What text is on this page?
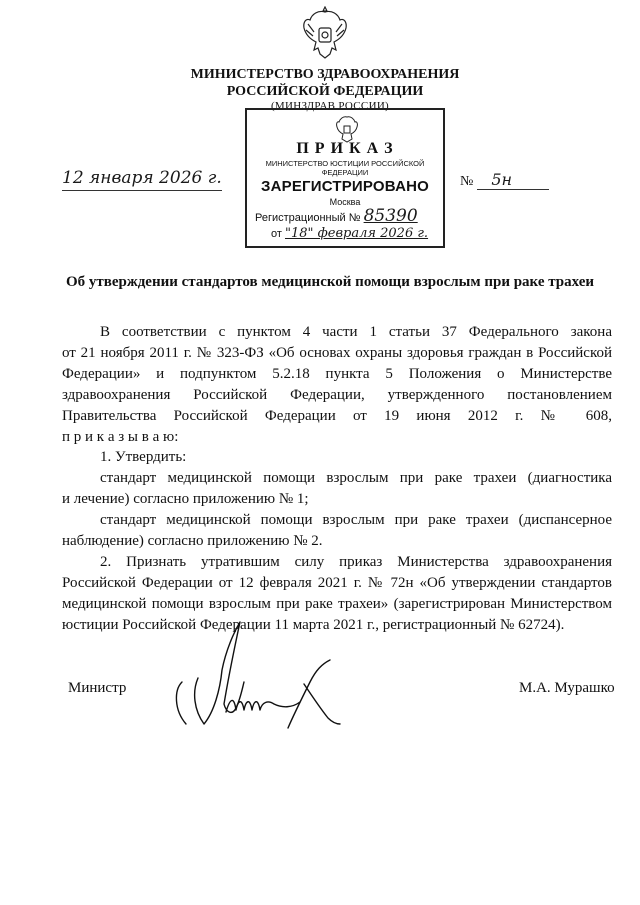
МИНИСТЕРСТВО ЗДРАВООХРАНЕНИЯ
РОССИЙСКОЙ ФЕДЕРАЦИИ
(МИНЗДРАВ РОССИИ)
П Р И К А З
МИНИСТЕРСТВО ЮСТИЦИИ РОССИЙСКОЙ ФЕДЕРАЦИИ
ЗАРЕГИСТРИРОВАНО
Москва
Регистрационный № 85390
от "18" февраля 2026 г.
12 января 2026 г.	№ 5н
Об утверждении стандартов медицинской помощи взрослым при раке трахеи
В соответствии с пунктом 4 части 1 статьи 37 Федерального закона
от 21 ноября 2011 г. № 323-ФЗ «Об основах охраны здоровья граждан в Российской
Федерации» и подпунктом 5.2.18 пункта 5 Положения о Министерстве
здравоохранения Российской Федерации, утвержденного постановлением
Правительства Российской Федерации от 19 июня 2012 г. № 608,
п р и к а з ы в а ю:
1. Утвердить:
стандарт медицинской помощи взрослым при раке трахеи (диагностика
и лечение) согласно приложению № 1;
стандарт медицинской помощи взрослым при раке трахеи (диспансерное
наблюдение) согласно приложению № 2.
2. Признать утратившим силу приказ Министерства здравоохранения
Российской Федерации от 12 февраля 2021 г. № 72н «Об утверждении стандартов
медицинской помощи взрослым при раке трахеи» (зарегистрирован Министерством
юстиции Российской Федерации 11 марта 2021 г., регистрационный № 62724).
Министр	М.А. Мурашко
